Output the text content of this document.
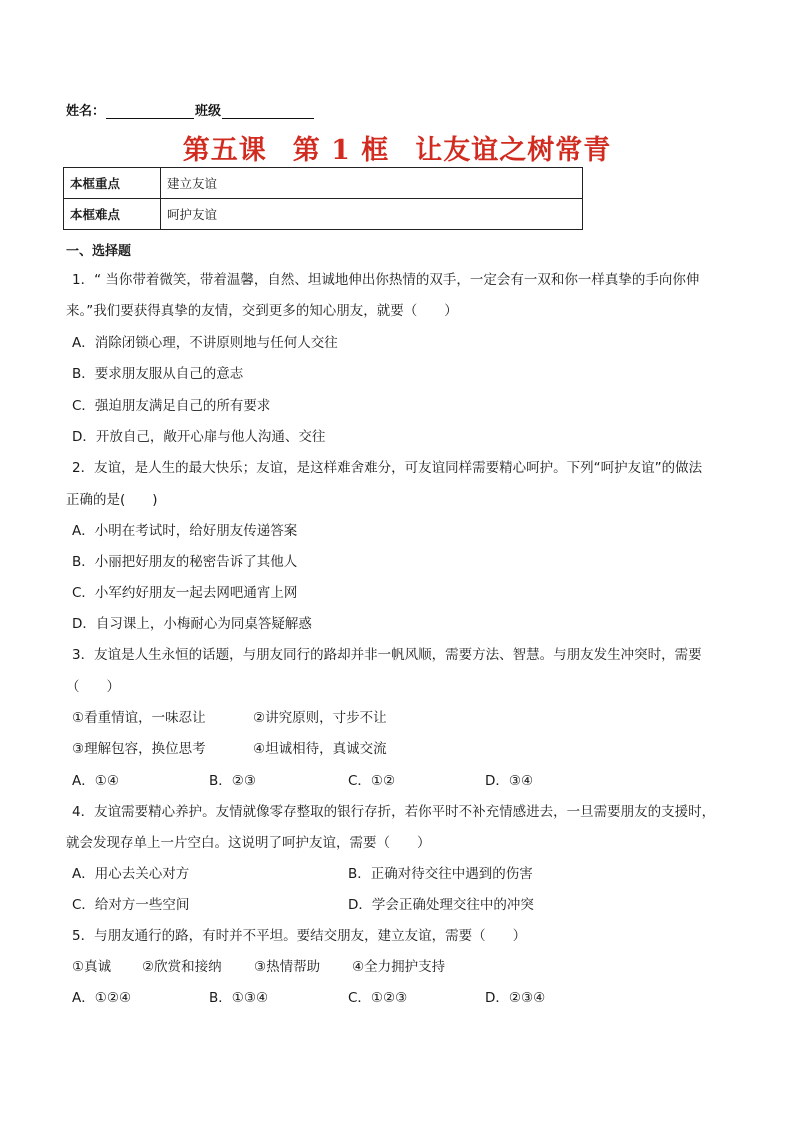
姓名：	班级
第五课 第 1 框 让友谊之树常青
本框重点	建立友谊
本框难点	呵护友谊
一、选择题
1．“ 当你带着微笑，带着温馨，自然、坦诚地伸出你热情的双手，一定会有一双和你一样真挚的手向你伸
来。”我们要获得真挚的友情，交到更多的知心朋友，就要（　　）
A．消除闭锁心理，不讲原则地与任何人交往
B．要求朋友服从自己的意志
C．强迫朋友满足自己的所有要求
D．开放自己，敞开心扉与他人沟通、交往
2．友谊，是人生的最大快乐；友谊，是这样难舍难分，可友谊同样需要精心呵护。下列“呵护友谊”的做法
正确的是(　　)
A．小明在考试时，给好朋友传递答案
B．小丽把好朋友的秘密告诉了其他人
C．小军约好朋友一起去网吧通宵上网
D．自习课上，小梅耐心为同桌答疑解惑
3．友谊是人生永恒的话题，与朋友同行的路却并非一帆风顺，需要方法、智慧。与朋友发生冲突时，需要
（　　）
①看重情谊，一味忍让	②讲究原则，寸步不让
③理解包容，换位思考	④坦诚相待，真诚交流
A．①④	B．②③	C．①②	D．③④
4．友谊需要精心养护。友情就像零存整取的银行存折，若你平时不补充情感进去，一旦需要朋友的支援时，
就会发现存单上一片空白。这说明了呵护友谊，需要（　　）
A．用心去关心对方	B．正确对待交往中遇到的伤害
C．给对方一些空间	D．学会正确处理交往中的冲突
5．与朋友通行的路，有时并不平坦。要结交朋友，建立友谊，需要（　　）
①真诚 ②欣赏和接纳 ③热情帮助 ④全力拥护支持
A．①②④	B．①③④	C．①②③	D．②③④
